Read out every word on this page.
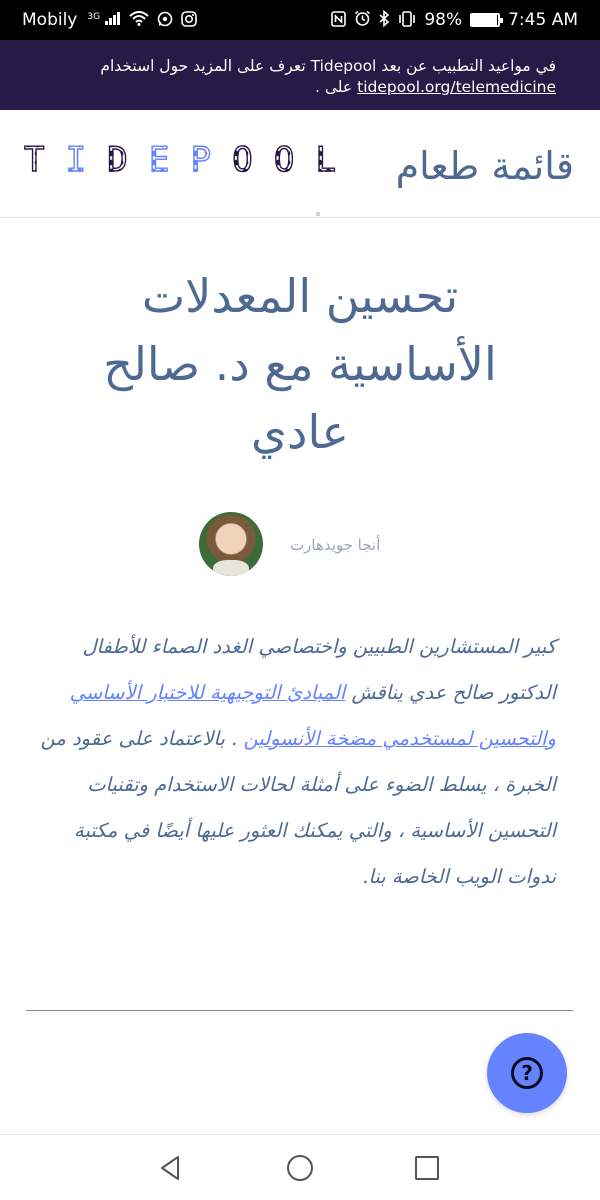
Mobily $^{3G}$	98%	7:45 AM
في مواعيد التطبيب عن بعد Tidepool تعرف على المزيد حول استخدام tidepool.org/telemedicine على .
T I D E P O O L قائمة طعام
تحسين المعدلات الأساسية مع د. صالح عادي
أنجا جويدهارت
كبير المستشارين الطبيين واختصاصي الغدد الصماء للأطفال الدكتور صالح عدي يناقش المبادئ التوجيهية للاختبار الأساسي والتحسين لمستخدمي مضخة الأنسولين . بالاعتماد على عقود من الخبرة ، يسلط الضوء على أمثلة لحالات الاستخدام وتقنيات التحسين الأساسية ، والتي يمكنك العثور عليها أيضًا في مكتبة ندوات الويب الخاصة بنا.
?
